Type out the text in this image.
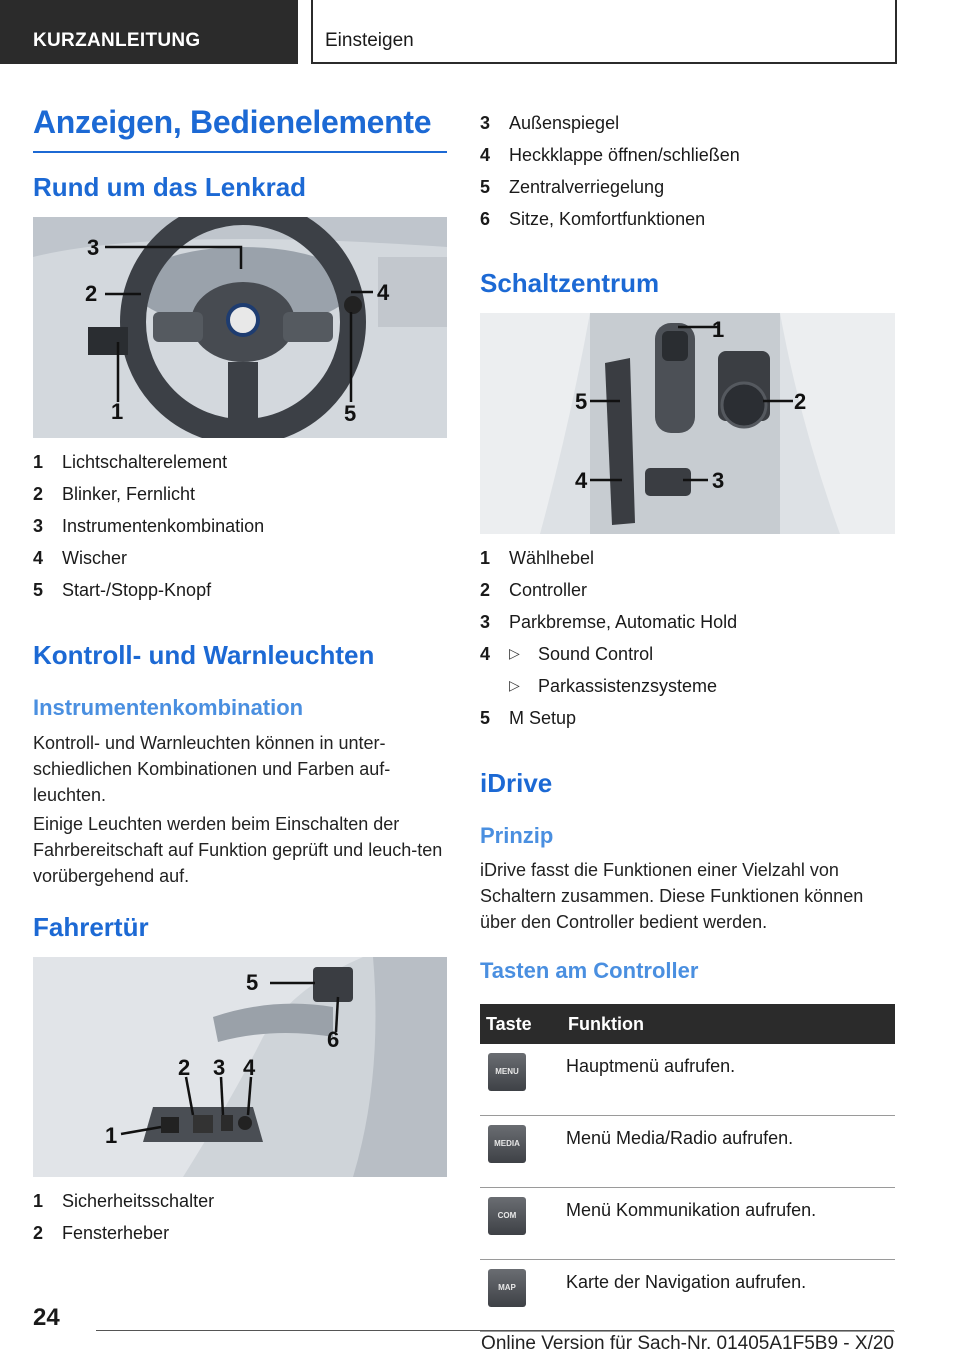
KURZANLEITUNG	Einsteigen
Anzeigen, Bedienelemente
Rund um das Lenkrad
3
2	4
1	5
1 Lichtschalterelement
2 Blinker, Fernlicht
3 Instrumentenkombination
4 Wischer
5 Start-/Stopp-Knopf
Kontroll- und Warnleuchten
Instrumentenkombination

Kontroll- und Warnleuchten können in unter-schiedlichen Kombinationen und Farben auf-leuchten.

Einige Leuchten werden beim Einschalten der Fahrbereitschaft auf Funktion geprüft und leuch-ten vorübergehend auf.

Fahrertür
5
6
2 3 4
1
1 Sicherheitsschalter
2 Fensterheber
3 Außenspiegel
4 Heckklappe öffnen/schließen
5 Zentralverriegelung
6 Sitze, Komfortfunktionen
Schaltzentrum
1
2
3
5
4
1 Wählhebel
2 Controller
3 Parkbremse, Automatic Hold
4 ▷ Sound Control
▷ Parkassistenzsysteme
5 M Setup
iDrive
Prinzip

iDrive fasst die Funktionen einer Vielzahl von Schaltern zusammen. Diese Funktionen können über den Controller bedient werden.

Tasten am Controller
Taste	Funktion

MENU	Hauptmenü aufrufen.

MEDIA	Menü Media/Radio aufrufen.

COM	Menü Kommunikation aufrufen.

MAP	Karte der Navigation aufrufen.
24
Online Version für Sach-Nr. 01405A1F5B9 - X/20
